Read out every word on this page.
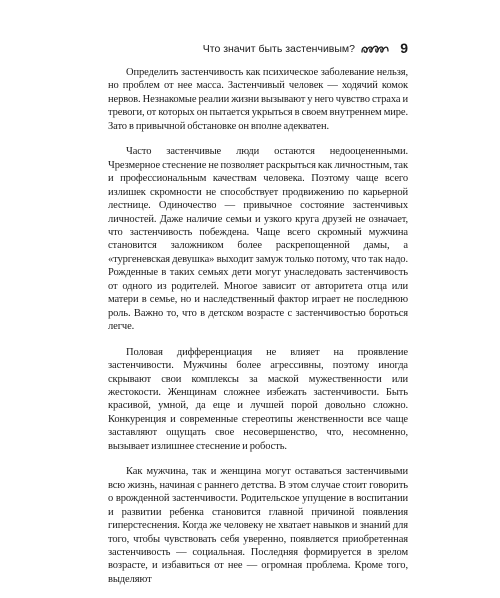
Что значит быть застенчивым?	9

Определить застенчивость как психическое заболевание нельзя, но проблем от нее масса. Застенчивый человек — ходячий комок нервов. Незнакомые реалии жизни вызывают у него чувство страха и тревоги, от которых он пытается укрыться в своем внутреннем мире. Зато в привычной обстановке он вполне адекватен.

Часто застенчивые люди остаются недооцененными. Чрезмерное стеснение не позволяет раскрыться как личностным, так и профессиональным качествам человека. Поэтому чаще всего излишек скромности не способствует продвижению по карьерной лестнице. Одиночество — привычное состояние застенчивых личностей. Даже наличие семьи и узкого круга друзей не означает, что застенчивость побеждена. Чаще всего скромный мужчина становится заложником более раскрепощенной дамы, а «тургеневская девушка» выходит замуж только потому, что так надо. Рожденные в таких семьях дети могут унаследовать застенчивость от одного из родителей. Многое зависит от авторитета отца или матери в семье, но и наследственный фактор играет не последнюю роль. Важно то, что в детском возрасте с застенчивостью бороться легче.

Половая дифференциация не влияет на проявление застенчивости. Мужчины более агрессивны, поэтому иногда скрывают свои комплексы за маской мужественности или жестокости. Женщинам сложнее избежать застенчивости. Быть красивой, умной, да еще и лучшей порой довольно сложно. Конкуренция и современные стереотипы женственности все чаще заставляют ощущать свое несовершенство, что, несомненно, вызывает излишнее стеснение и робость.

Как мужчина, так и женщина могут оставаться застенчивыми всю жизнь, начиная с раннего детства. В этом случае стоит говорить о врожденной застенчивости. Родительское упущение в воспитании и развитии ребенка становится главной причиной появления гиперстеснения. Когда же человеку не хватает навыков и знаний для того, чтобы чувствовать себя уверенно, появляется приобретенная застенчивость — социальная. Последняя формируется в зрелом возрасте, и избавиться от нее — огромная проблема. Кроме того, выделяют
